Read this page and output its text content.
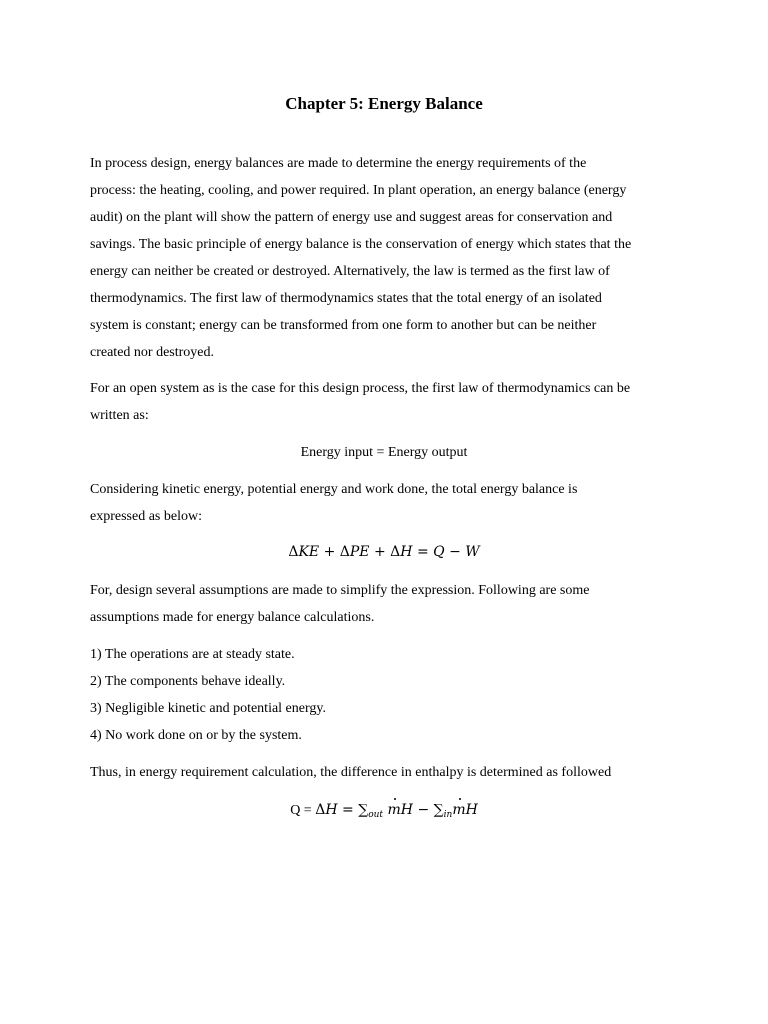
Chapter 5: Energy Balance
In process design, energy balances are made to determine the energy requirements of the
process: the heating, cooling, and power required. In plant operation, an energy balance (energy
audit) on the plant will show the pattern of energy use and suggest areas for conservation and
savings. The basic principle of energy balance is the conservation of energy which states that the
energy can neither be created or destroyed. Alternatively, the law is termed as the first law of
thermodynamics. The first law of thermodynamics states that the total energy of an isolated
system is constant; energy can be transformed from one form to another but can be neither
created nor destroyed.
For an open system as is the case for this design process, the first law of thermodynamics can be
written as:
Energy input = Energy output
Considering kinetic energy, potential energy and work done, the total energy balance is
expressed as below:
ΔKE + ΔPE + ΔH = Q − W
For, design several assumptions are made to simplify the expression. Following are some
assumptions made for energy balance calculations.
1) The operations are at steady state.
2) The components behave ideally.
3) Negligible kinetic and potential energy.
4) No work done on or by the system.
Thus, in energy requirement calculation, the difference in enthalpy is determined as followed
$Q = \Delta H = \sum_{out}$ mH − $\sum_{in}mH$
